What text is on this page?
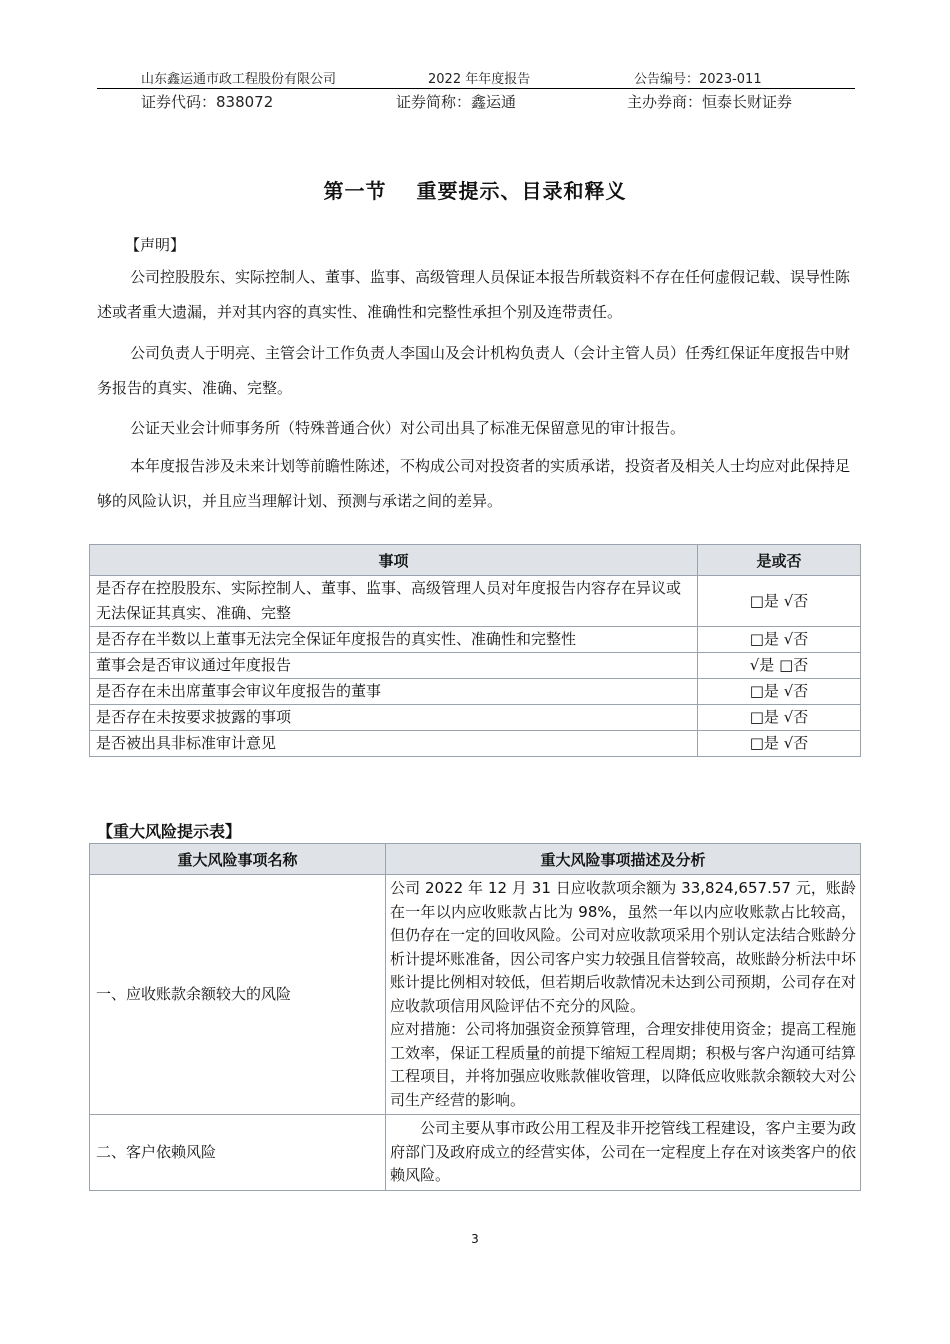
山东鑫运通市政工程股份有限公司	2022 年年度报告	公告编号：2023-011
证券代码：838072	证券简称：鑫运通	主办券商：恒泰长财证券
第一节 重要提示、目录和释义

【声明】

公司控股股东、实际控制人、董事、监事、高级管理人员保证本报告所载资料不存在任何虚假记载、误导性陈述或者重大遗漏，并对其内容的真实性、准确性和完整性承担个别及连带责任。

公司负责人于明亮、主管会计工作负责人李国山及会计机构负责人（会计主管人员）任秀红保证年度报告中财务报告的真实、准确、完整。

公证天业会计师事务所（特殊普通合伙）对公司出具了标准无保留意见的审计报告。

本年度报告涉及未来计划等前瞻性陈述，不构成公司对投资者的实质承诺，投资者及相关人士均应对此保持足够的风险认识，并且应当理解计划、预测与承诺之间的差异。

事项	是或否
是否存在控股股东、实际控制人、董事、监事、高级管理人员对年度报告内容存在异议或无法保证其真实、准确、完整	□是 √否
是否存在半数以上董事无法完全保证年度报告的真实性、准确性和完整性	□是 √否
董事会是否审议通过年度报告	√是 □否
是否存在未出席董事会审议年度报告的董事	□是 √否
是否存在未按要求披露的事项	□是 √否
是否被出具非标准审计意见	□是 √否
【重大风险提示表】
重大风险事项名称	重大风险事项描述及分析
一、应收账款余额较大的风险	公司 2022 年 12 月 31 日应收款项余额为 33,824,657.57 元，账龄在一年以内应收账款占比为 98%，虽然一年以内应收账款占比较高，但仍存在一定的回收风险。公司对应收款项采用个别认定法结合账龄分析计提坏账准备，因公司客户实力较强且信誉较高，故账龄分析法中坏账计提比例相对较低，但若期后收款情况未达到公司预期，公司存在对应收款项信用风险评估不充分的风险。
应对措施：公司将加强资金预算管理，合理安排使用资金；提高工程施工效率，保证工程质量的前提下缩短工程周期；积极与客户沟通可结算工程项目，并将加强应收账款催收管理，以降低应收账款余额较大对公司生产经营的影响。

二、客户依赖风险	公司主要从事市政公用工程及非开挖管线工程建设，客户主要为政府部门及政府成立的经营实体，公司在一定程度上存在对该类客户的依赖风险。
3
